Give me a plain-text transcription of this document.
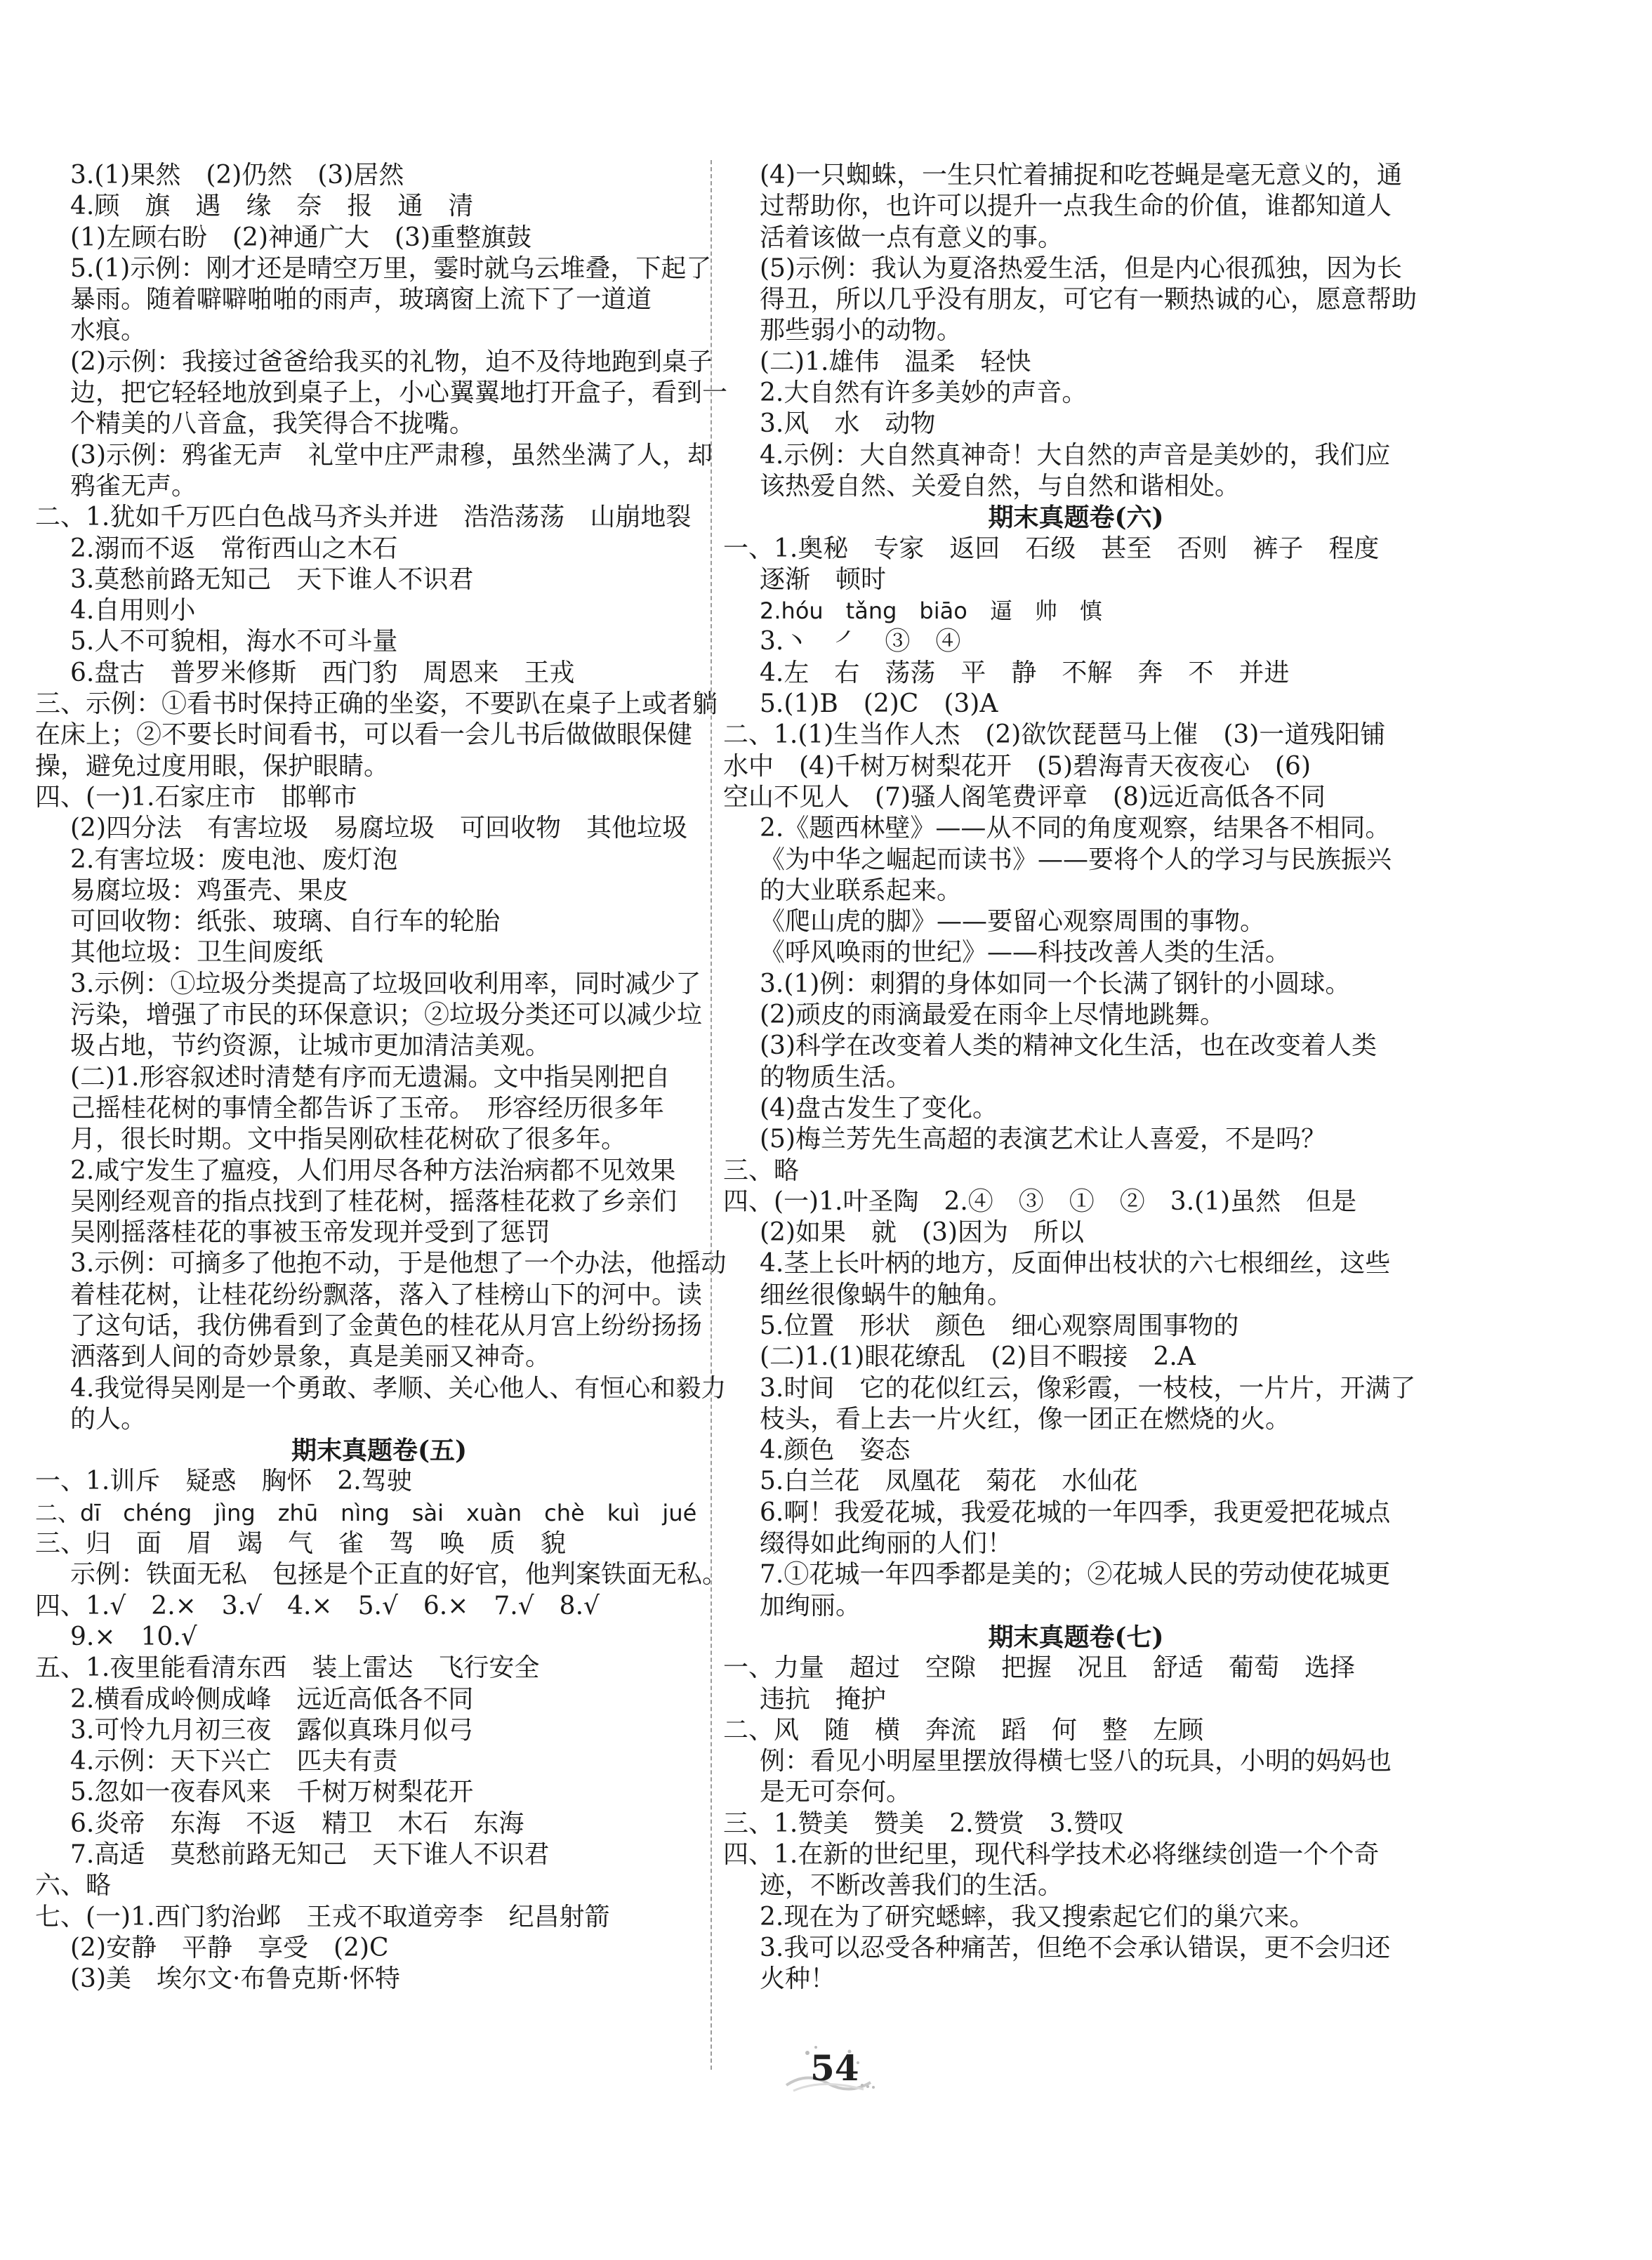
3.(1)果然　(2)仍然　(3)居然
4.顾　旗　遇　缘　奈　报　通　清
(1)左顾右盼　(2)神通广大　(3)重整旗鼓
5.(1)示例：刚才还是晴空万里，霎时就乌云堆叠，下起了
暴雨。随着噼噼啪啪的雨声，玻璃窗上流下了一道道
水痕。
(2)示例：我接过爸爸给我买的礼物，迫不及待地跑到桌子
边，把它轻轻地放到桌子上，小心翼翼地打开盒子，看到一
个精美的八音盒，我笑得合不拢嘴。
(3)示例：鸦雀无声　礼堂中庄严肃穆，虽然坐满了人，却
鸦雀无声。
二、1.犹如千万匹白色战马齐头并进　浩浩荡荡　山崩地裂
2.溺而不返　常衔西山之木石
3.莫愁前路无知己　天下谁人不识君
4.自用则小
5.人不可貌相，海水不可斗量
6.盘古　普罗米修斯　西门豹　周恩来　王戎
三、示例：①看书时保持正确的坐姿，不要趴在桌子上或者躺
在床上；②不要长时间看书，可以看一会儿书后做做眼保健
操，避免过度用眼，保护眼睛。
四、(一)1.石家庄市　邯郸市
(2)四分法　有害垃圾　易腐垃圾　可回收物　其他垃圾
2.有害垃圾：废电池、废灯泡
易腐垃圾：鸡蛋壳、果皮
可回收物：纸张、玻璃、自行车的轮胎
其他垃圾：卫生间废纸
3.示例：①垃圾分类提高了垃圾回收利用率，同时减少了
污染，增强了市民的环保意识；②垃圾分类还可以减少垃
圾占地，节约资源，让城市更加清洁美观。
(二)1.形容叙述时清楚有序而无遗漏。文中指吴刚把自
己摇桂花树的事情全都告诉了玉帝。　形容经历很多年
月，很长时期。文中指吴刚砍桂花树砍了很多年。
2.咸宁发生了瘟疫，人们用尽各种方法治病都不见效果
吴刚经观音的指点找到了桂花树，摇落桂花救了乡亲们
吴刚摇落桂花的事被玉帝发现并受到了惩罚
3.示例：可摘多了他抱不动，于是他想了一个办法，他摇动
着桂花树，让桂花纷纷飘落，落入了桂榜山下的河中。读
了这句话，我仿佛看到了金黄色的桂花从月宫上纷纷扬扬
洒落到人间的奇妙景象，真是美丽又神奇。
4.我觉得吴刚是一个勇敢、孝顺、关心他人、有恒心和毅力
的人。
期末真题卷(五)
一、1.训斥　疑惑　胸怀　2.驾驶
二、dī　chéng　jìng　zhū　nìng　sài　xuàn　chè　kuì　jué
三、归　面　眉　竭　气　雀　驾　唤　质　貌
示例：铁面无私　包拯是个正直的好官，他判案铁面无私。
四、1.√　2.×　3.√　4.×　5.√　6.×　7.√　8.√
9.×　10.√
五、1.夜里能看清东西　装上雷达　飞行安全
2.横看成岭侧成峰　远近高低各不同
3.可怜九月初三夜　露似真珠月似弓
4.示例：天下兴亡　匹夫有责
5.忽如一夜春风来　千树万树梨花开
6.炎帝　东海　不返　精卫　木石　东海
7.高适　莫愁前路无知己　天下谁人不识君
六、略
七、(一)1.西门豹治邺　王戎不取道旁李　纪昌射箭
(2)安静　平静　享受　(2)C
(3)美　埃尔文·布鲁克斯·怀特
(4)一只蜘蛛，一生只忙着捕捉和吃苍蝇是毫无意义的，通
过帮助你，也许可以提升一点我生命的价值，谁都知道人
活着该做一点有意义的事。
(5)示例：我认为夏洛热爱生活，但是内心很孤独，因为长
得丑，所以几乎没有朋友，可它有一颗热诚的心，愿意帮助
那些弱小的动物。
(二)1.雄伟　温柔　轻快
2.大自然有许多美妙的声音。
3.风　水　动物
4.示例：大自然真神奇！大自然的声音是美妙的，我们应
该热爱自然、关爱自然，与自然和谐相处。
期末真题卷(六)
一、1.奥秘　专家　返回　石级　甚至　否则　裤子　程度
逐渐　顿时
2.hóu　tǎng　biāo　逼　帅　慎
3.丶　㇒　③　④
4.左　右　荡荡　平　静　不解　奔　不　并进
5.(1)B　(2)C　(3)A
二、1.(1)生当作人杰　(2)欲饮琵琶马上催　(3)一道残阳铺
水中　(4)千树万树梨花开　(5)碧海青天夜夜心　(6)
空山不见人　(7)骚人阁笔费评章　(8)远近高低各不同
2.《题西林壁》——从不同的角度观察，结果各不相同。
《为中华之崛起而读书》——要将个人的学习与民族振兴
的大业联系起来。
《爬山虎的脚》——要留心观察周围的事物。
《呼风唤雨的世纪》——科技改善人类的生活。
3.(1)例：刺猬的身体如同一个长满了钢针的小圆球。
(2)顽皮的雨滴最爱在雨伞上尽情地跳舞。
(3)科学在改变着人类的精神文化生活，也在改变着人类
的物质生活。
(4)盘古发生了变化。
(5)梅兰芳先生高超的表演艺术让人喜爱，不是吗？
三、略
四、(一)1.叶圣陶　2.④　③　①　②　3.(1)虽然　但是
(2)如果　就　(3)因为　所以
4.茎上长叶柄的地方，反面伸出枝状的六七根细丝，这些
细丝很像蜗牛的触角。
5.位置　形状　颜色　细心观察周围事物的
(二)1.(1)眼花缭乱　(2)目不暇接　2.A
3.时间　它的花似红云，像彩霞，一枝枝，一片片，开满了
枝头，看上去一片火红，像一团正在燃烧的火。
4.颜色　姿态
5.白兰花　凤凰花　菊花　水仙花
6.啊！我爱花城，我爱花城的一年四季，我更爱把花城点
缀得如此绚丽的人们！
7.①花城一年四季都是美的；②花城人民的劳动使花城更
加绚丽。
期末真题卷(七)
一、力量　超过　空隙　把握　况且　舒适　葡萄　选择
违抗　掩护
二、风　随　横　奔流　蹈　何　整　左顾
例：看见小明屋里摆放得横七竖八的玩具，小明的妈妈也
是无可奈何。
三、1.赞美　赞美　2.赞赏　3.赞叹
四、1.在新的世纪里，现代科学技术必将继续创造一个个奇
迹，不断改善我们的生活。
2.现在为了研究蟋蟀，我又搜索起它们的巢穴来。
3.我可以忍受各种痛苦，但绝不会承认错误，更不会归还
火种！
54
